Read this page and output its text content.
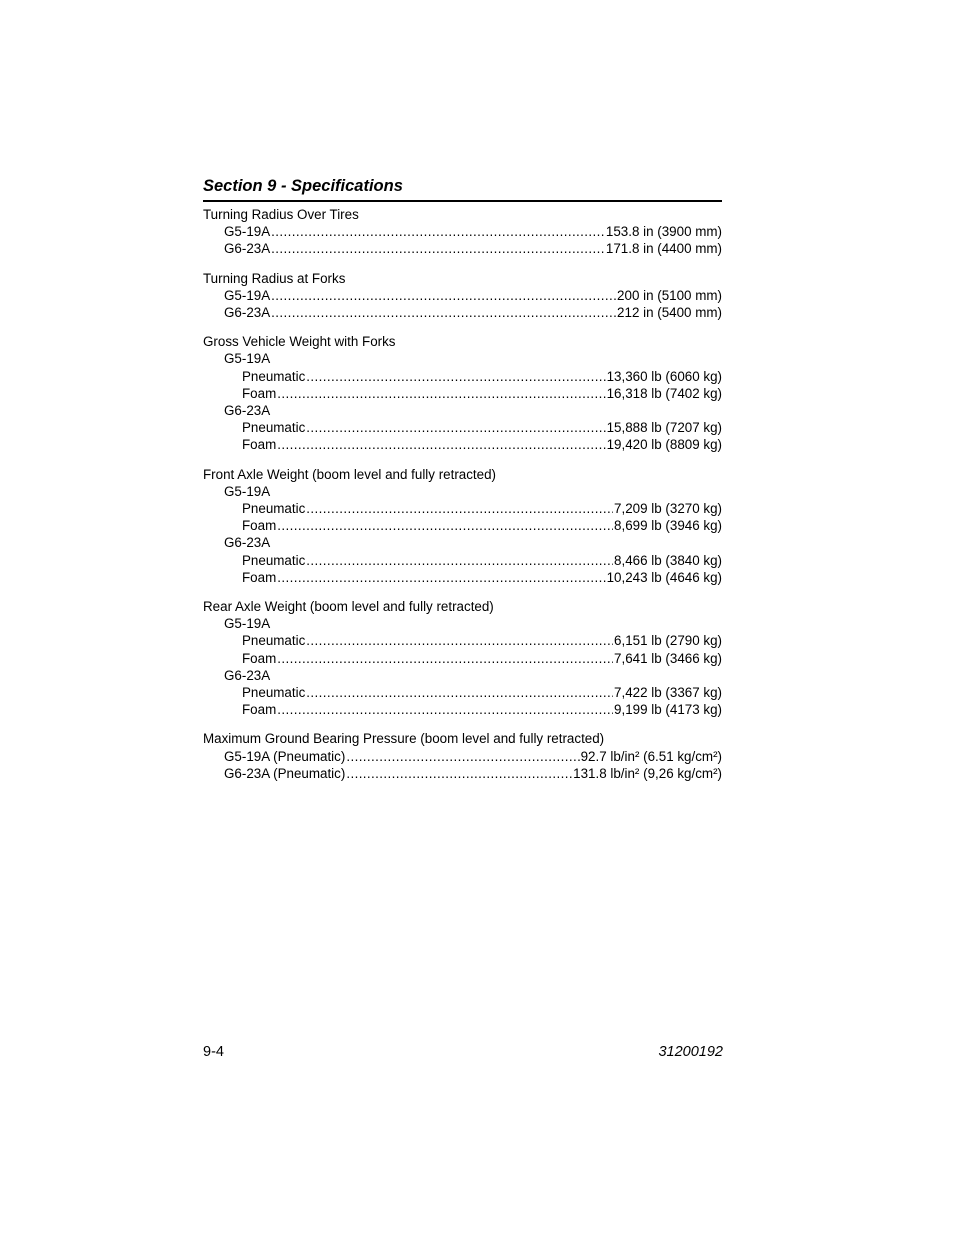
Section 9 - Specifications
Turning Radius Over Tires
G5-19A .....	153.8 in (3900 mm)
G6-23A .....	171.8 in (4400 mm)
Turning Radius at Forks
G5-19A .....	200 in (5100 mm)
G6-23A .....	212 in (5400 mm)
Gross Vehicle Weight with Forks
G5-19A
Pneumatic .....	13,360 lb (6060 kg)
Foam .....	16,318 lb (7402 kg)
G6-23A
Pneumatic .....	15,888 lb (7207 kg)
Foam .....	19,420 lb (8809 kg)
Front Axle Weight (boom level and fully retracted)
G5-19A
Pneumatic .....	7,209 lb (3270 kg)
Foam .....	8,699 lb (3946 kg)
G6-23A
Pneumatic .....	8,466 lb (3840 kg)
Foam .....	10,243 lb (4646 kg)
Rear Axle Weight (boom level and fully retracted)
G5-19A
Pneumatic .....	6,151 lb (2790 kg)
Foam .....	7,641 lb (3466 kg)
G6-23A
Pneumatic .....	7,422 lb (3367 kg)
Foam .....	9,199 lb (4173 kg)
Maximum Ground Bearing Pressure (boom level and fully retracted)
G5-19A (Pneumatic) .....	92.7 lb/in² (6.51 kg/cm²)
G6-23A (Pneumatic) .....	131.8 lb/in² (9,26 kg/cm²)
9-4	31200192
